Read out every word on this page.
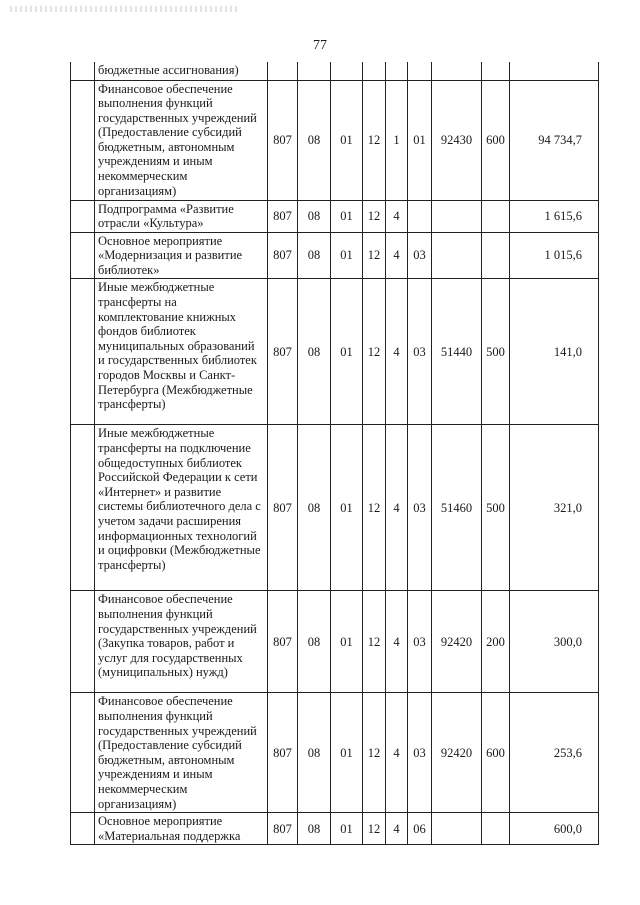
77
	бюджетные ассигнования)									
	Финансовое обеспечение выполнения функций государственных учреждений (Предоставление субсидий бюджетным, автономным учреждениям и иным некоммерческим организациям)	807	08	01	12	1	01	92430	600	94 734,7
	Подпрограмма «Развитие отрасли «Культура»	807	08	01	12	4				1 615,6
	Основное мероприятие «Модернизация и развитие библиотек»	807	08	01	12	4	03			1 015,6
	Иные межбюджетные трансферты на комплектование книжных фондов библиотек муниципальных образований и государственных библиотек городов Москвы и Санкт-Петербурга (Межбюджетные трансферты)	807	08	01	12	4	03	51440	500	141,0
	Иные межбюджетные трансферты на подключение общедоступных библиотек Российской Федерации к сети «Интернет» и развитие системы библиотечного дела с учетом задачи расширения информационных технологий и оцифровки (Межбюджетные трансферты)	807	08	01	12	4	03	51460	500	321,0
	Финансовое обеспечение выполнения функций государственных учреждений (Закупка товаров, работ и услуг для государственных (муниципальных) нужд)	807	08	01	12	4	03	92420	200	300,0
	Финансовое обеспечение выполнения функций государственных учреждений (Предоставление субсидий бюджетным, автономным учреждениям и иным некоммерческим организациям)	807	08	01	12	4	03	92420	600	253,6
	Основное мероприятие «Материальная поддержка	807	08	01	12	4	06			600,0
